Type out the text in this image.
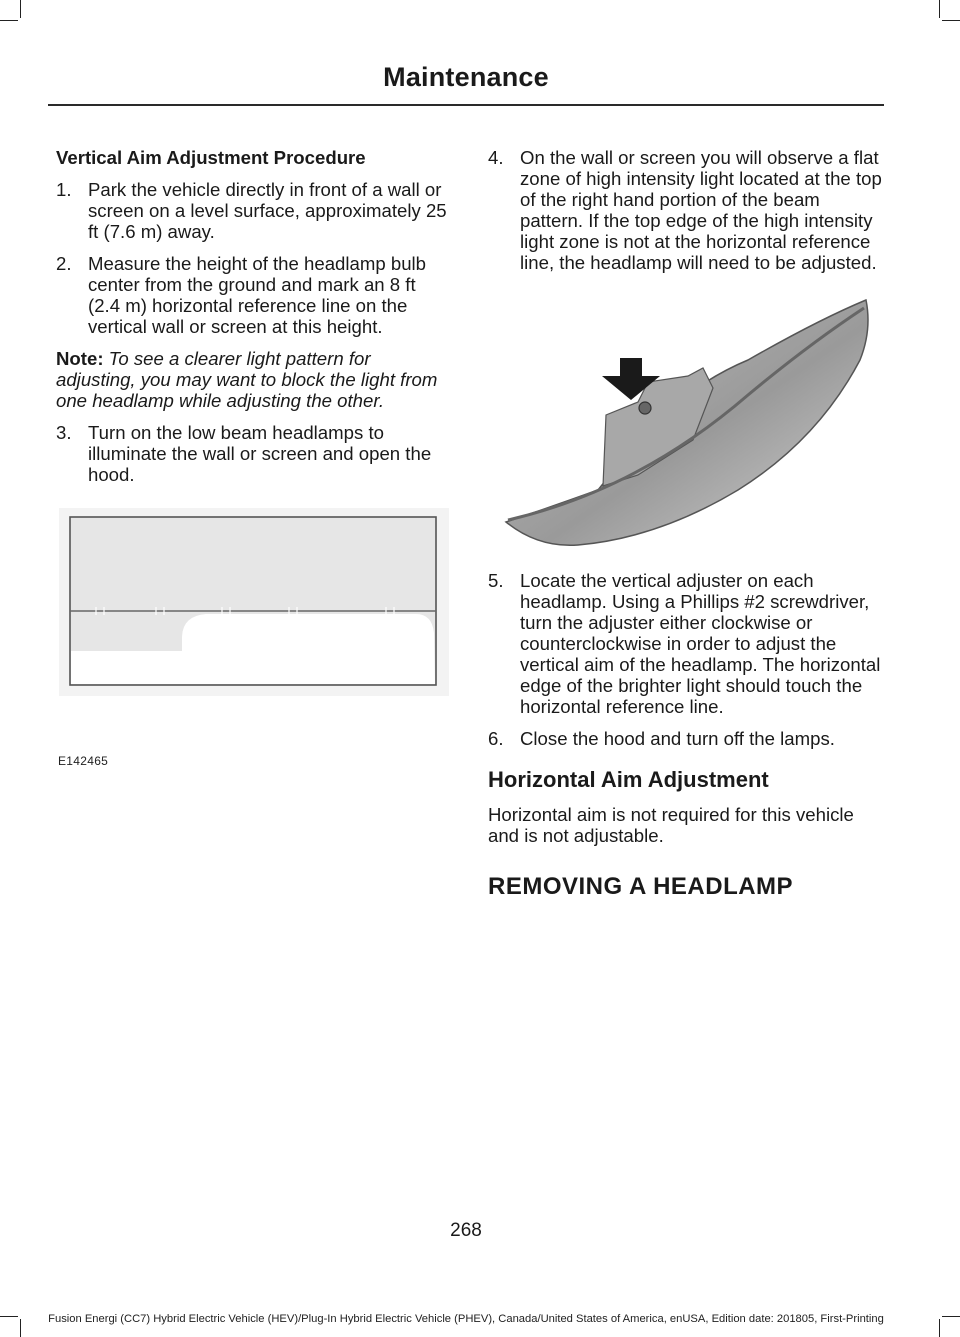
Maintenance
Vertical Aim Adjustment Procedure
1. Park the vehicle directly in front of a wall or screen on a level surface, approximately 25 ft (7.6 m) away.
2. Measure the height of the headlamp bulb center from the ground and mark an 8 ft (2.4 m) horizontal reference line on the vertical wall or screen at this height.
Note: To see a clearer light pattern for adjusting, you may want to block the light from one headlamp while adjusting the other.
3. Turn on the low beam headlamps to illuminate the wall or screen and open the hood.
E142465
4. On the wall or screen you will observe a flat zone of high intensity light located at the top of the right hand portion of the beam pattern. If the top edge of the high intensity light zone is not at the horizontal reference line, the headlamp will need to be adjusted.
5. Locate the vertical adjuster on each headlamp. Using a Phillips #2 screwdriver, turn the adjuster either clockwise or counterclockwise in order to adjust the vertical aim of the headlamp. The horizontal edge of the brighter light should touch the horizontal reference line.
6. Close the hood and turn off the lamps.
Horizontal Aim Adjustment
Horizontal aim is not required for this vehicle and is not adjustable.
REMOVING A HEADLAMP
268
Fusion Energi (CC7) Hybrid Electric Vehicle (HEV)/Plug-In Hybrid Electric Vehicle (PHEV), Canada/United States of America, enUSA, Edition date: 201805, First-Printing
